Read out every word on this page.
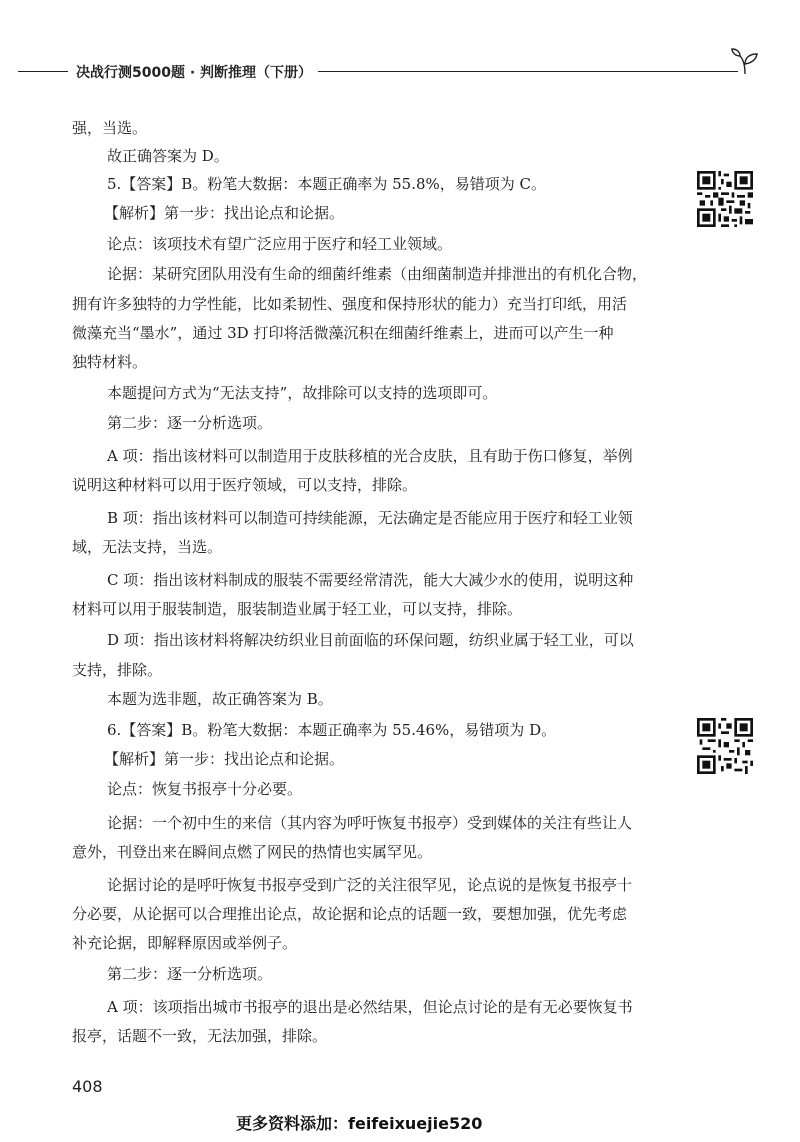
决战行测5000题 · 判断推理（下册）
强，当选。
故正确答案为 D。
5.【答案】B。粉笔大数据：本题正确率为 55.8%，易错项为 C。
【解析】第一步：找出论点和论据。
论点：该项技术有望广泛应用于医疗和轻工业领域。
论据：某研究团队用没有生命的细菌纤维素（由细菌制造并排泄出的有机化合物，
拥有许多独特的力学性能，比如柔韧性、强度和保持形状的能力）充当打印纸，用活
微藻充当“墨水”，通过 3D 打印将活微藻沉积在细菌纤维素上，进而可以产生一种
独特材料。
本题提问方式为“无法支持”，故排除可以支持的选项即可。
第二步：逐一分析选项。
A 项：指出该材料可以制造用于皮肤移植的光合皮肤，且有助于伤口修复，举例
说明这种材料可以用于医疗领域，可以支持，排除。
B 项：指出该材料可以制造可持续能源，无法确定是否能应用于医疗和轻工业领
域，无法支持，当选。
C 项：指出该材料制成的服装不需要经常清洗，能大大减少水的使用，说明这种
材料可以用于服装制造，服装制造业属于轻工业，可以支持，排除。
D 项：指出该材料将解决纺织业目前面临的环保问题，纺织业属于轻工业，可以
支持，排除。
本题为选非题，故正确答案为 B。
6.【答案】B。粉笔大数据：本题正确率为 55.46%，易错项为 D。
【解析】第一步：找出论点和论据。
论点：恢复书报亭十分必要。
论据：一个初中生的来信（其内容为呼吁恢复书报亭）受到媒体的关注有些让人
意外，刊登出来在瞬间点燃了网民的热情也实属罕见。
论据讨论的是呼吁恢复书报亭受到广泛的关注很罕见，论点说的是恢复书报亭十
分必要，从论据可以合理推出论点，故论据和论点的话题一致，要想加强，优先考虑
补充论据，即解释原因或举例子。
第二步：逐一分析选项。
A 项：该项指出城市书报亭的退出是必然结果，但论点讨论的是有无必要恢复书
报亭，话题不一致，无法加强，排除。
408
更多资料添加：feifeixuejie520
